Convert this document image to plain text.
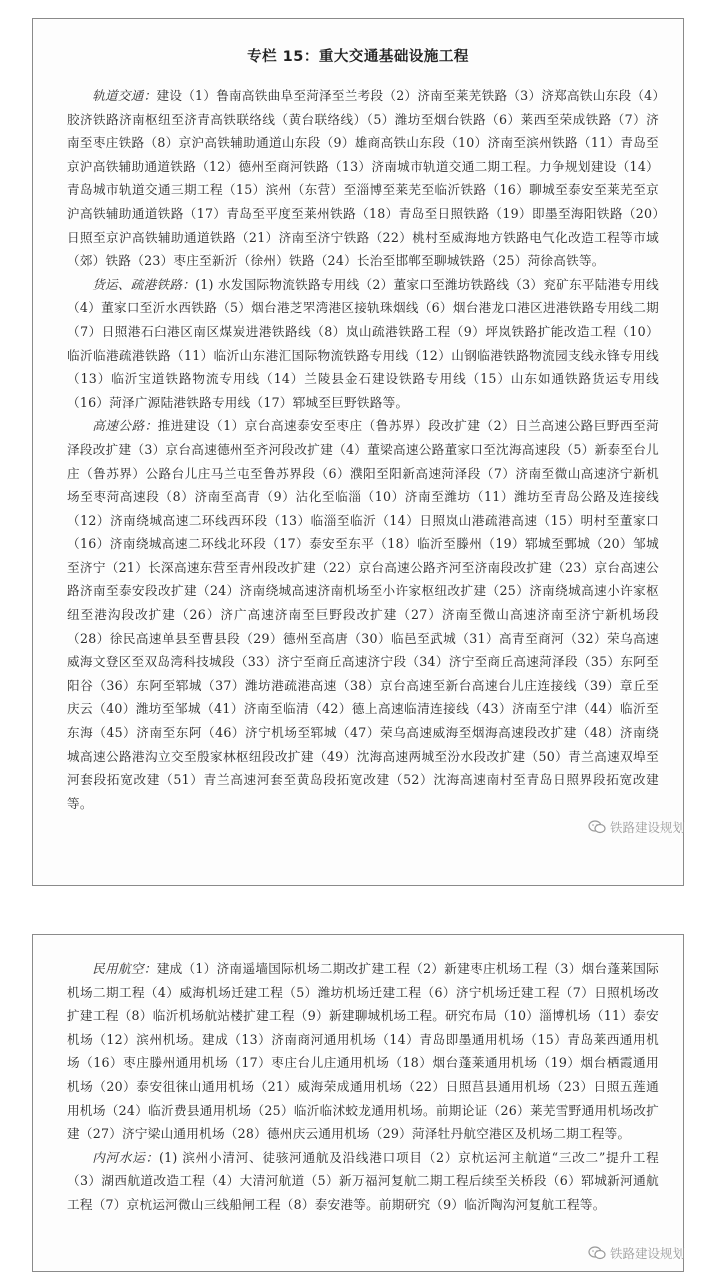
专栏 15：重大交通基础设施工程

轨道交通：建设（1）鲁南高铁曲阜至菏泽至兰考段（2）济南至莱芜铁路（3）济郑高铁山东段（4）胶济铁路济南枢纽至济青高铁联络线（黄台联络线）（5）潍坊至烟台铁路（6）莱西至荣成铁路（7）济南至枣庄铁路（8）京沪高铁辅助通道山东段（9）雄商高铁山东段（10）济南至滨州铁路（11）青岛至京沪高铁辅助通道铁路（12）德州至商河铁路（13）济南城市轨道交通二期工程。力争规划建设（14）青岛城市轨道交通三期工程（15）滨州（东营）至淄博至莱芜至临沂铁路（16）聊城至泰安至莱芜至京沪高铁辅助通道铁路（17）青岛至平度至莱州铁路（18）青岛至日照铁路（19）即墨至海阳铁路（20）日照至京沪高铁辅助通道铁路（21）济南至济宁铁路（22）桃村至威海地方铁路电气化改造工程等市域（郊）铁路（23）枣庄至新沂（徐州）铁路（24）长治至邯郸至聊城铁路（25）菏徐高铁等。

货运、疏港铁路：(1) 水发国际物流铁路专用线（2）董家口至潍坊铁路线（3）兖矿东平陆港专用线（4）董家口至沂水西铁路（5）烟台港芝罘湾港区接轨珠烟线（6）烟台港龙口港区进港铁路专用线二期（7）日照港石臼港区南区煤炭进港铁路线（8）岚山疏港铁路工程（9）坪岚铁路扩能改造工程（10）临沂临港疏港铁路（11）临沂山东港汇国际物流铁路专用线（12）山钢临港铁路物流园支线永锋专用线（13）临沂宝道铁路物流专用线（14）兰陵县金石建设铁路专用线（15）山东如通铁路货运专用线（16）菏泽广源陆港铁路专用线（17）郓城至巨野铁路等。

高速公路：推进建设（1）京台高速泰安至枣庄（鲁苏界）段改扩建（2）日兰高速公路巨野西至菏泽段改扩建（3）京台高速德州至齐河段改扩建（4）董梁高速公路董家口至沈海高速段（5）新泰至台儿庄（鲁苏界）公路台儿庄马兰屯至鲁苏界段（6）濮阳至阳新高速菏泽段（7）济南至微山高速济宁新机场至枣菏高速段（8）济南至高青（9）沾化至临淄（10）济南至潍坊（11）潍坊至青岛公路及连接线（12）济南绕城高速二环线西环段（13）临淄至临沂（14）日照岚山港疏港高速（15）明村至董家口（16）济南绕城高速二环线北环段（17）泰安至东平（18）临沂至滕州（19）郓城至鄄城（20）邹城至济宁（21）长深高速东营至青州段改扩建（22）京台高速公路齐河至济南段改扩建（23）京台高速公路济南至泰安段改扩建（24）济南绕城高速济南机场至小许家枢纽改扩建（25）济南绕城高速小许家枢纽至港沟段改扩建（26）济广高速济南至巨野段改扩建（27）济南至微山高速济南至济宁新机场段（28）徐民高速单县至曹县段（29）德州至高唐（30）临邑至武城（31）高青至商河（32）荣乌高速威海文登区至双岛湾科技城段（33）济宁至商丘高速济宁段（34）济宁至商丘高速菏泽段（35）东阿至阳谷（36）东阿至郓城（37）潍坊港疏港高速（38）京台高速至新台高速台儿庄连接线（39）章丘至庆云（40）潍坊至邹城（41）济南至临清（42）德上高速临清连接线（43）济南至宁津（44）临沂至东海（45）济南至东阿（46）济宁机场至郓城（47）荣乌高速威海至烟海高速段改扩建（48）济南绕城高速公路港沟立交至殷家林枢纽段改扩建（49）沈海高速两城至汾水段改扩建（50）青兰高速双埠至河套段拓宽改建（51）青兰高速河套至黄岛段拓宽改建（52）沈海高速南村至青岛日照界段拓宽改建等。

铁路建设规划

民用航空：建成（1）济南遥墙国际机场二期改扩建工程（2）新建枣庄机场工程（3）烟台蓬莱国际机场二期工程（4）威海机场迁建工程（5）潍坊机场迁建工程（6）济宁机场迁建工程（7）日照机场改扩建工程（8）临沂机场航站楼扩建工程（9）新建聊城机场工程。研究布局（10）淄博机场（11）泰安机场（12）滨州机场。建成（13）济南商河通用机场（14）青岛即墨通用机场（15）青岛莱西通用机场（16）枣庄滕州通用机场（17）枣庄台儿庄通用机场（18）烟台蓬莱通用机场（19）烟台栖霞通用机场（20）泰安徂徕山通用机场（21）威海荣成通用机场（22）日照莒县通用机场（23）日照五莲通用机场（24）临沂费县通用机场（25）临沂临沭蛟龙通用机场。前期论证（26）莱芜雪野通用机场改扩建（27）济宁梁山通用机场（28）德州庆云通用机场（29）菏泽牡丹航空港区及机场二期工程等。

内河水运：(1) 滨州小清河、徒骇河通航及沿线港口项目（2）京杭运河主航道“三改二”提升工程（3）湖西航道改造工程（4）大清河航道（5）新万福河复航二期工程后续至关桥段（6）郓城新河通航工程（7）京杭运河微山三线船闸工程（8）泰安港等。前期研究（9）临沂陶沟河复航工程等。

铁路建设规划
